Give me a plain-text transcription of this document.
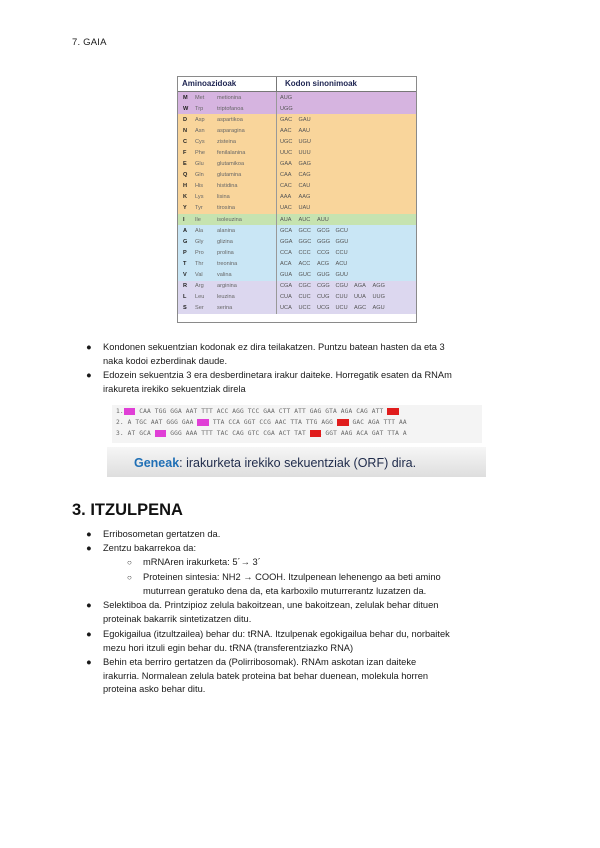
7. GAIA
Aminoazidoak	Kodon sinonimoak
M	Met	metionina	AUG
W	Trp	triptofanoa	UGG
D	Asp	aspartikoa	GAC	GAU
N	Asn	asparagina	AAC	AAU
C	Cys	zisteina	UGC	UGU
F	Phe	fenilalanina	UUC	UUU
E	Glu	glutamikoa	GAA	GAG
Q	Gln	glutamina	CAA	CAG
H	His	histidina	CAC	CAU
K	Lys	lisina	AAA	AAG
Y	Tyr	tirosina	UAC	UAU
I	Ile	isoleuzina	AUA	AUC	AUU
A	Ala	alanina	GCA	GCC	GCG	GCU
G	Gly	glizina	GGA	GGC	GGG GGU
P	Pro	prolina	CCA	CCC	CCG	CCU
T	Thr	treonina	ACA	ACC	ACG	ACU
V	Val	valina	GUA	GUC	GUG	GUU
R	Arg	arginina	CGA	CGC	CGG	CGU	AGA	AGG
L	Leu	leuzina	CUA	CUC	CUG	CUU	UUA	UUG
S	Ser	serina	UCA	UCC	UCG	UCU	AGC	AGU
● Kondonen sekuentzian kodonak ez dira teilakatzen. Puntzu batean hasten da eta 3
naka kodoi ezberdinak daude.
● Edozein sekuentzia 3 era desberdinetara irakur daiteke. Horregatik esaten da RNAm
irakureta irekiko sekuentziak direla
1.ATG CAA TGG GGA AAT TTT ACC AGG TCC GAA CTT ATT GAG GTA AGA CAG ATT TAA
2. A TGC AAT GGG GAA ATG TTA CCA GGT CCG AAC TTA TTG AGG TAA GAC AGA TTT AA
3. AT GCA ATG GGG AAA TTT TAC CAG GTC CGA ACT TAT TGA GGT AAG ACA GAT TTA A
Geneak: irakurketa irekiko sekuentziak (ORF) dira.
3. ITZULPENA
● Erribosometan gertatzen da.
● Zentzu bakarrekoa da:
○ mRNAren irakurketa: 5´→ 3´
○ Proteinen sintesia: NH2 → COOH. Itzulpenean lehenengo aa beti amino
muturrean geratuko dena da, eta karboxilo muturrerantz luzatzen da.
● Selektiboa da. Printzipioz zelula bakoitzean, une bakoitzean, zelulak behar dituen
proteinak bakarrik sintetizatzen ditu.
● Egokigailua (itzultzailea) behar du: tRNA. Itzulpenak egokigailua behar du, norbaitek
mezu hori itzuli egin behar du. tRNA (transferentziazko RNA)
● Behin eta berriro gertatzen da (Polirribosomak). RNAm askotan izan daiteke
irakurria. Normalean zelula batek proteina bat behar duenean, molekula horren
proteina asko behar ditu.
